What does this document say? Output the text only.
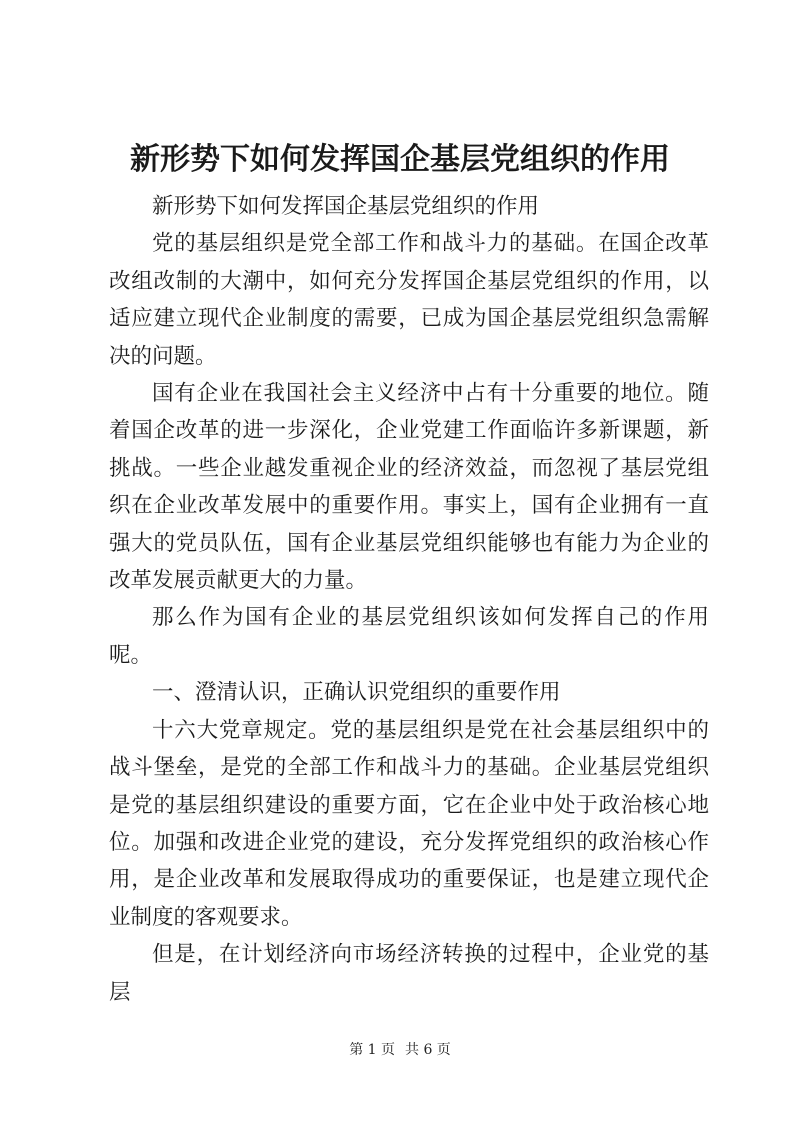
新形势下如何发挥国企基层党组织的作用

新形势下如何发挥国企基层党组织的作用

党的基层组织是党全部工作和战斗力的基础。在国企改革改组改制的大潮中，如何充分发挥国企基层党组织的作用，以适应建立现代企业制度的需要，已成为国企基层党组织急需解决的问题。

国有企业在我国社会主义经济中占有十分重要的地位。随着国企改革的进一步深化，企业党建工作面临许多新课题，新挑战。一些企业越发重视企业的经济效益，而忽视了基层党组织在企业改革发展中的重要作用。事实上，国有企业拥有一直强大的党员队伍，国有企业基层党组织能够也有能力为企业的改革发展贡献更大的力量。

那么作为国有企业的基层党组织该如何发挥自己的作用呢。

一、澄清认识，正确认识党组织的重要作用

十六大党章规定。党的基层组织是党在社会基层组织中的战斗堡垒，是党的全部工作和战斗力的基础。企业基层党组织是党的基层组织建设的重要方面，它在企业中处于政治核心地位。加强和改进企业党的建设，充分发挥党组织的政治核心作用，是企业改革和发展取得成功的重要保证，也是建立现代企业制度的客观要求。

但是，在计划经济向市场经济转换的过程中，企业党的基层

第 1 页 共 6 页
